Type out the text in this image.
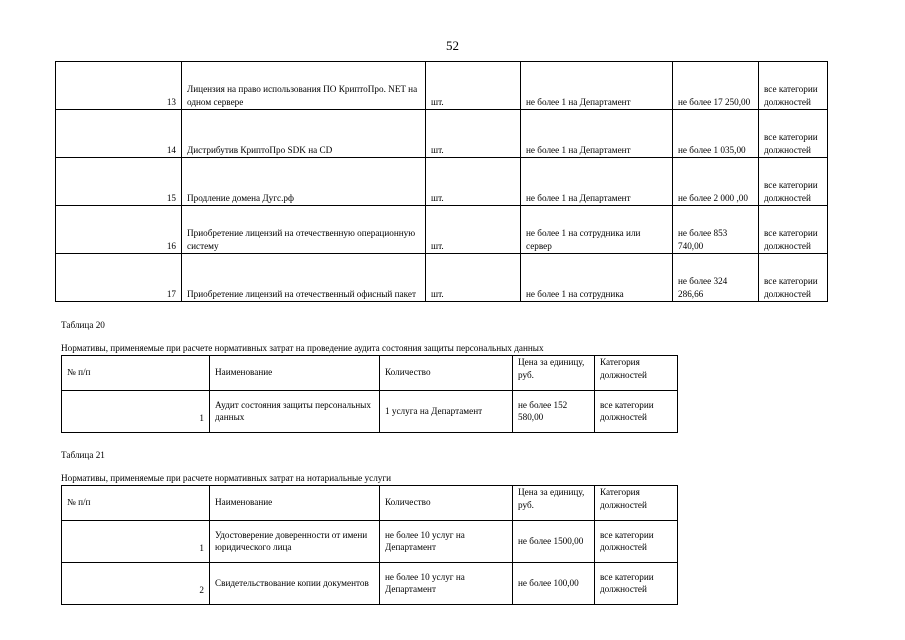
52
13	Лицензия на право использования ПО КриптоПро. NET на одном сервере	шт.	не более 1 на Департамент	не более 17 250,00	все категории должностей
14	Дистрибутив КриптоПро SDK на CD	шт.	не более 1 на Департамент	не более 1 035,00	все категории должностей
15	Продление домена Дугс.рф	шт.	не более 1 на Департамент	не более 2 000 ,00	все категории должностей
16	Приобретение лицензий на отечественную операционную систему	шт.	не более 1 на сотрудника или сервер	не более 853 740,00	все категории должностей
17	Приобретение лицензий на отечественный офисный пакет	шт.	не более 1 на сотрудника	не более 324 286,66	все категории должностей
Таблица 20
Нормативы, применяемые при расчете нормативных затрат на проведение аудита состояния защиты персональных данных
№ п/п	Наименование	Количество	Цена за единицу, руб.	Категория должностей
1	Аудит состояния защиты персональных данных	1 услуга на Департамент	не более 152 580,00	все категории должностей
Таблица 21
Нормативы, применяемые при расчете нормативных затрат на нотариальные услуги
№ п/п	Наименование	Количество	Цена за единицу, руб.	Категория должностей
1	Удостоверение доверенности от имени юридического лица	не более 10 услуг на Департамент	не более 1500,00	все категории должностей
2	Свидетельствование копии документов	не более 10 услуг на Департамент	не более 100,00	все категории должностей
